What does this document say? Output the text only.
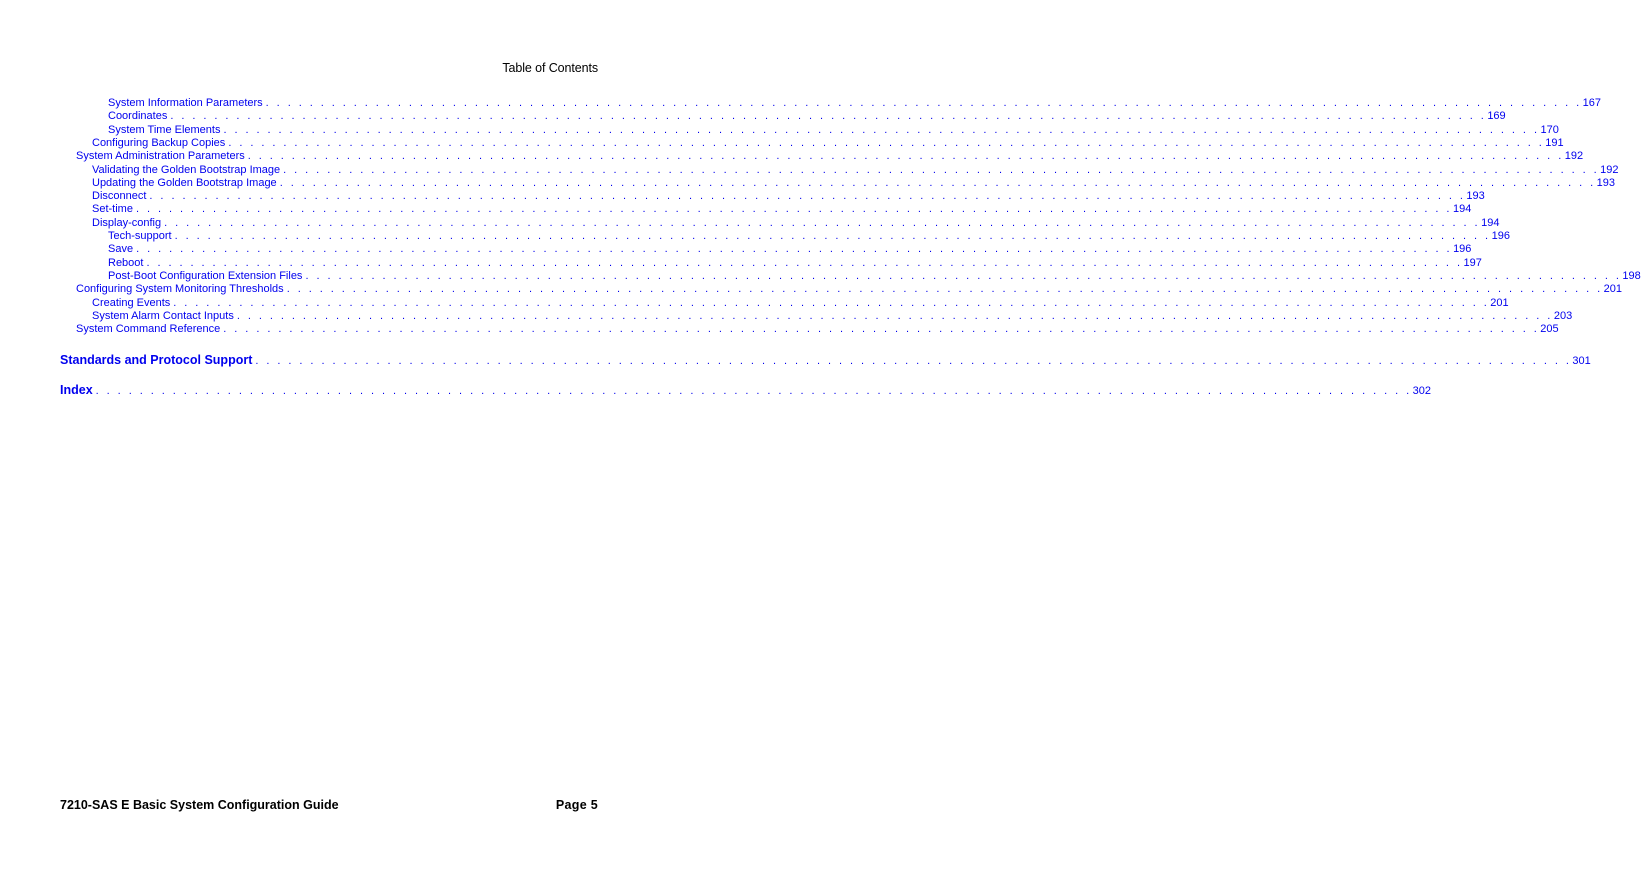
Table of Contents
System Information Parameters . . . . . . . . . . . . . . . . . . . . . . . . . . . . . . . . . . . . . . . . . . . . . . . . . . . . . . . . . . . . . . . . . . . . . . . . . . . . . . . . . . . . . . . . . . . . . . . . . . . . . . . . . . . . . . . . . . . . . . . . 167
Coordinates . . . . . . . . . . . . . . . . . . . . . . . . . . . . . . . . . . . . . . . . . . . . . . . . . . . . . . . . . . . . . . . . . . . . . . . . . . . . . . . . . . . . . . . . . . . . . . . . . . . . . . . . . . . . . . . . . . . . . . . . 169
System Time Elements . . . . . . . . . . . . . . . . . . . . . . . . . . . . . . . . . . . . . . . . . . . . . . . . . . . . . . . . . . . . . . . . . . . . . . . . . . . . . . . . . . . . . . . . . . . . . . . . . . . . . . . . . . . . . . . . . . . . . . . . 170
Configuring Backup Copies . . . . . . . . . . . . . . . . . . . . . . . . . . . . . . . . . . . . . . . . . . . . . . . . . . . . . . . . . . . . . . . . . . . . . . . . . . . . . . . . . . . . . . . . . . . . . . . . . . . . . . . . . . . . . . . . . . . . . . . . 191
System Administration Parameters . . . . . . . . . . . . . . . . . . . . . . . . . . . . . . . . . . . . . . . . . . . . . . . . . . . . . . . . . . . . . . . . . . . . . . . . . . . . . . . . . . . . . . . . . . . . . . . . . . . . . . . . . . . . . . . . . . . . . . . . 192
Validating the Golden Bootstrap Image . . . . . . . . . . . . . . . . . . . . . . . . . . . . . . . . . . . . . . . . . . . . . . . . . . . . . . . . . . . . . . . . . . . . . . . . . . . . . . . . . . . . . . . . . . . . . . . . . . . . . . . . . . . . . . . . . . . . . . . . 192
Updating the Golden Bootstrap Image . . . . . . . . . . . . . . . . . . . . . . . . . . . . . . . . . . . . . . . . . . . . . . . . . . . . . . . . . . . . . . . . . . . . . . . . . . . . . . . . . . . . . . . . . . . . . . . . . . . . . . . . . . . . . . . . . . . . . . . . 193
Disconnect . . . . . . . . . . . . . . . . . . . . . . . . . . . . . . . . . . . . . . . . . . . . . . . . . . . . . . . . . . . . . . . . . . . . . . . . . . . . . . . . . . . . . . . . . . . . . . . . . . . . . . . . . . . . . . . . . . . . . . . . 193
Set-time . . . . . . . . . . . . . . . . . . . . . . . . . . . . . . . . . . . . . . . . . . . . . . . . . . . . . . . . . . . . . . . . . . . . . . . . . . . . . . . . . . . . . . . . . . . . . . . . . . . . . . . . . . . . . . . . . . . . . . . . 194
Display-config . . . . . . . . . . . . . . . . . . . . . . . . . . . . . . . . . . . . . . . . . . . . . . . . . . . . . . . . . . . . . . . . . . . . . . . . . . . . . . . . . . . . . . . . . . . . . . . . . . . . . . . . . . . . . . . . . . . . . . . . 194
Tech-support . . . . . . . . . . . . . . . . . . . . . . . . . . . . . . . . . . . . . . . . . . . . . . . . . . . . . . . . . . . . . . . . . . . . . . . . . . . . . . . . . . . . . . . . . . . . . . . . . . . . . . . . . . . . . . . . . . . . . . . . 196
Save . . . . . . . . . . . . . . . . . . . . . . . . . . . . . . . . . . . . . . . . . . . . . . . . . . . . . . . . . . . . . . . . . . . . . . . . . . . . . . . . . . . . . . . . . . . . . . . . . . . . . . . . . . . . . . . . . . . . . . . . 196
Reboot . . . . . . . . . . . . . . . . . . . . . . . . . . . . . . . . . . . . . . . . . . . . . . . . . . . . . . . . . . . . . . . . . . . . . . . . . . . . . . . . . . . . . . . . . . . . . . . . . . . . . . . . . . . . . . . . . . . . . . . . 197
Post-Boot Configuration Extension Files . . . . . . . . . . . . . . . . . . . . . . . . . . . . . . . . . . . . . . . . . . . . . . . . . . . . . . . . . . . . . . . . . . . . . . . . . . . . . . . . . . . . . . . . . . . . . . . . . . . . . . . . . . . . . . . . . . . . . . . . 198
Configuring System Monitoring Thresholds . . . . . . . . . . . . . . . . . . . . . . . . . . . . . . . . . . . . . . . . . . . . . . . . . . . . . . . . . . . . . . . . . . . . . . . . . . . . . . . . . . . . . . . . . . . . . . . . . . . . . . . . . . . . . . . . . . . . . . . . 201
Creating Events . . . . . . . . . . . . . . . . . . . . . . . . . . . . . . . . . . . . . . . . . . . . . . . . . . . . . . . . . . . . . . . . . . . . . . . . . . . . . . . . . . . . . . . . . . . . . . . . . . . . . . . . . . . . . . . . . . . . . . . . 201
System Alarm Contact Inputs . . . . . . . . . . . . . . . . . . . . . . . . . . . . . . . . . . . . . . . . . . . . . . . . . . . . . . . . . . . . . . . . . . . . . . . . . . . . . . . . . . . . . . . . . . . . . . . . . . . . . . . . . . . . . . . . . . . . . . . . 203
System Command Reference . . . . . . . . . . . . . . . . . . . . . . . . . . . . . . . . . . . . . . . . . . . . . . . . . . . . . . . . . . . . . . . . . . . . . . . . . . . . . . . . . . . . . . . . . . . . . . . . . . . . . . . . . . . . . . . . . . . . . . . . 205
Standards and Protocol Support . . . . . . . . . . . . . . . . . . . . . . . . . . . . . . . . . . . . . . . . . . . . . . . . . . . . . . . . . . . . . . . . . . . . . . . . . . . . . . . . . . . . . . . . . . . . . . . . . . . . . . . . . . . . . . . . . . . . . . . . 301
Index . . . . . . . . . . . . . . . . . . . . . . . . . . . . . . . . . . . . . . . . . . . . . . . . . . . . . . . . . . . . . . . . . . . . . . . . . . . . . . . . . . . . . . . . . . . . . . . . . . . . . . . . . . . . . . . . . . . . . . . . 302
7210-SAS E Basic System Configuration Guide	Page 5
